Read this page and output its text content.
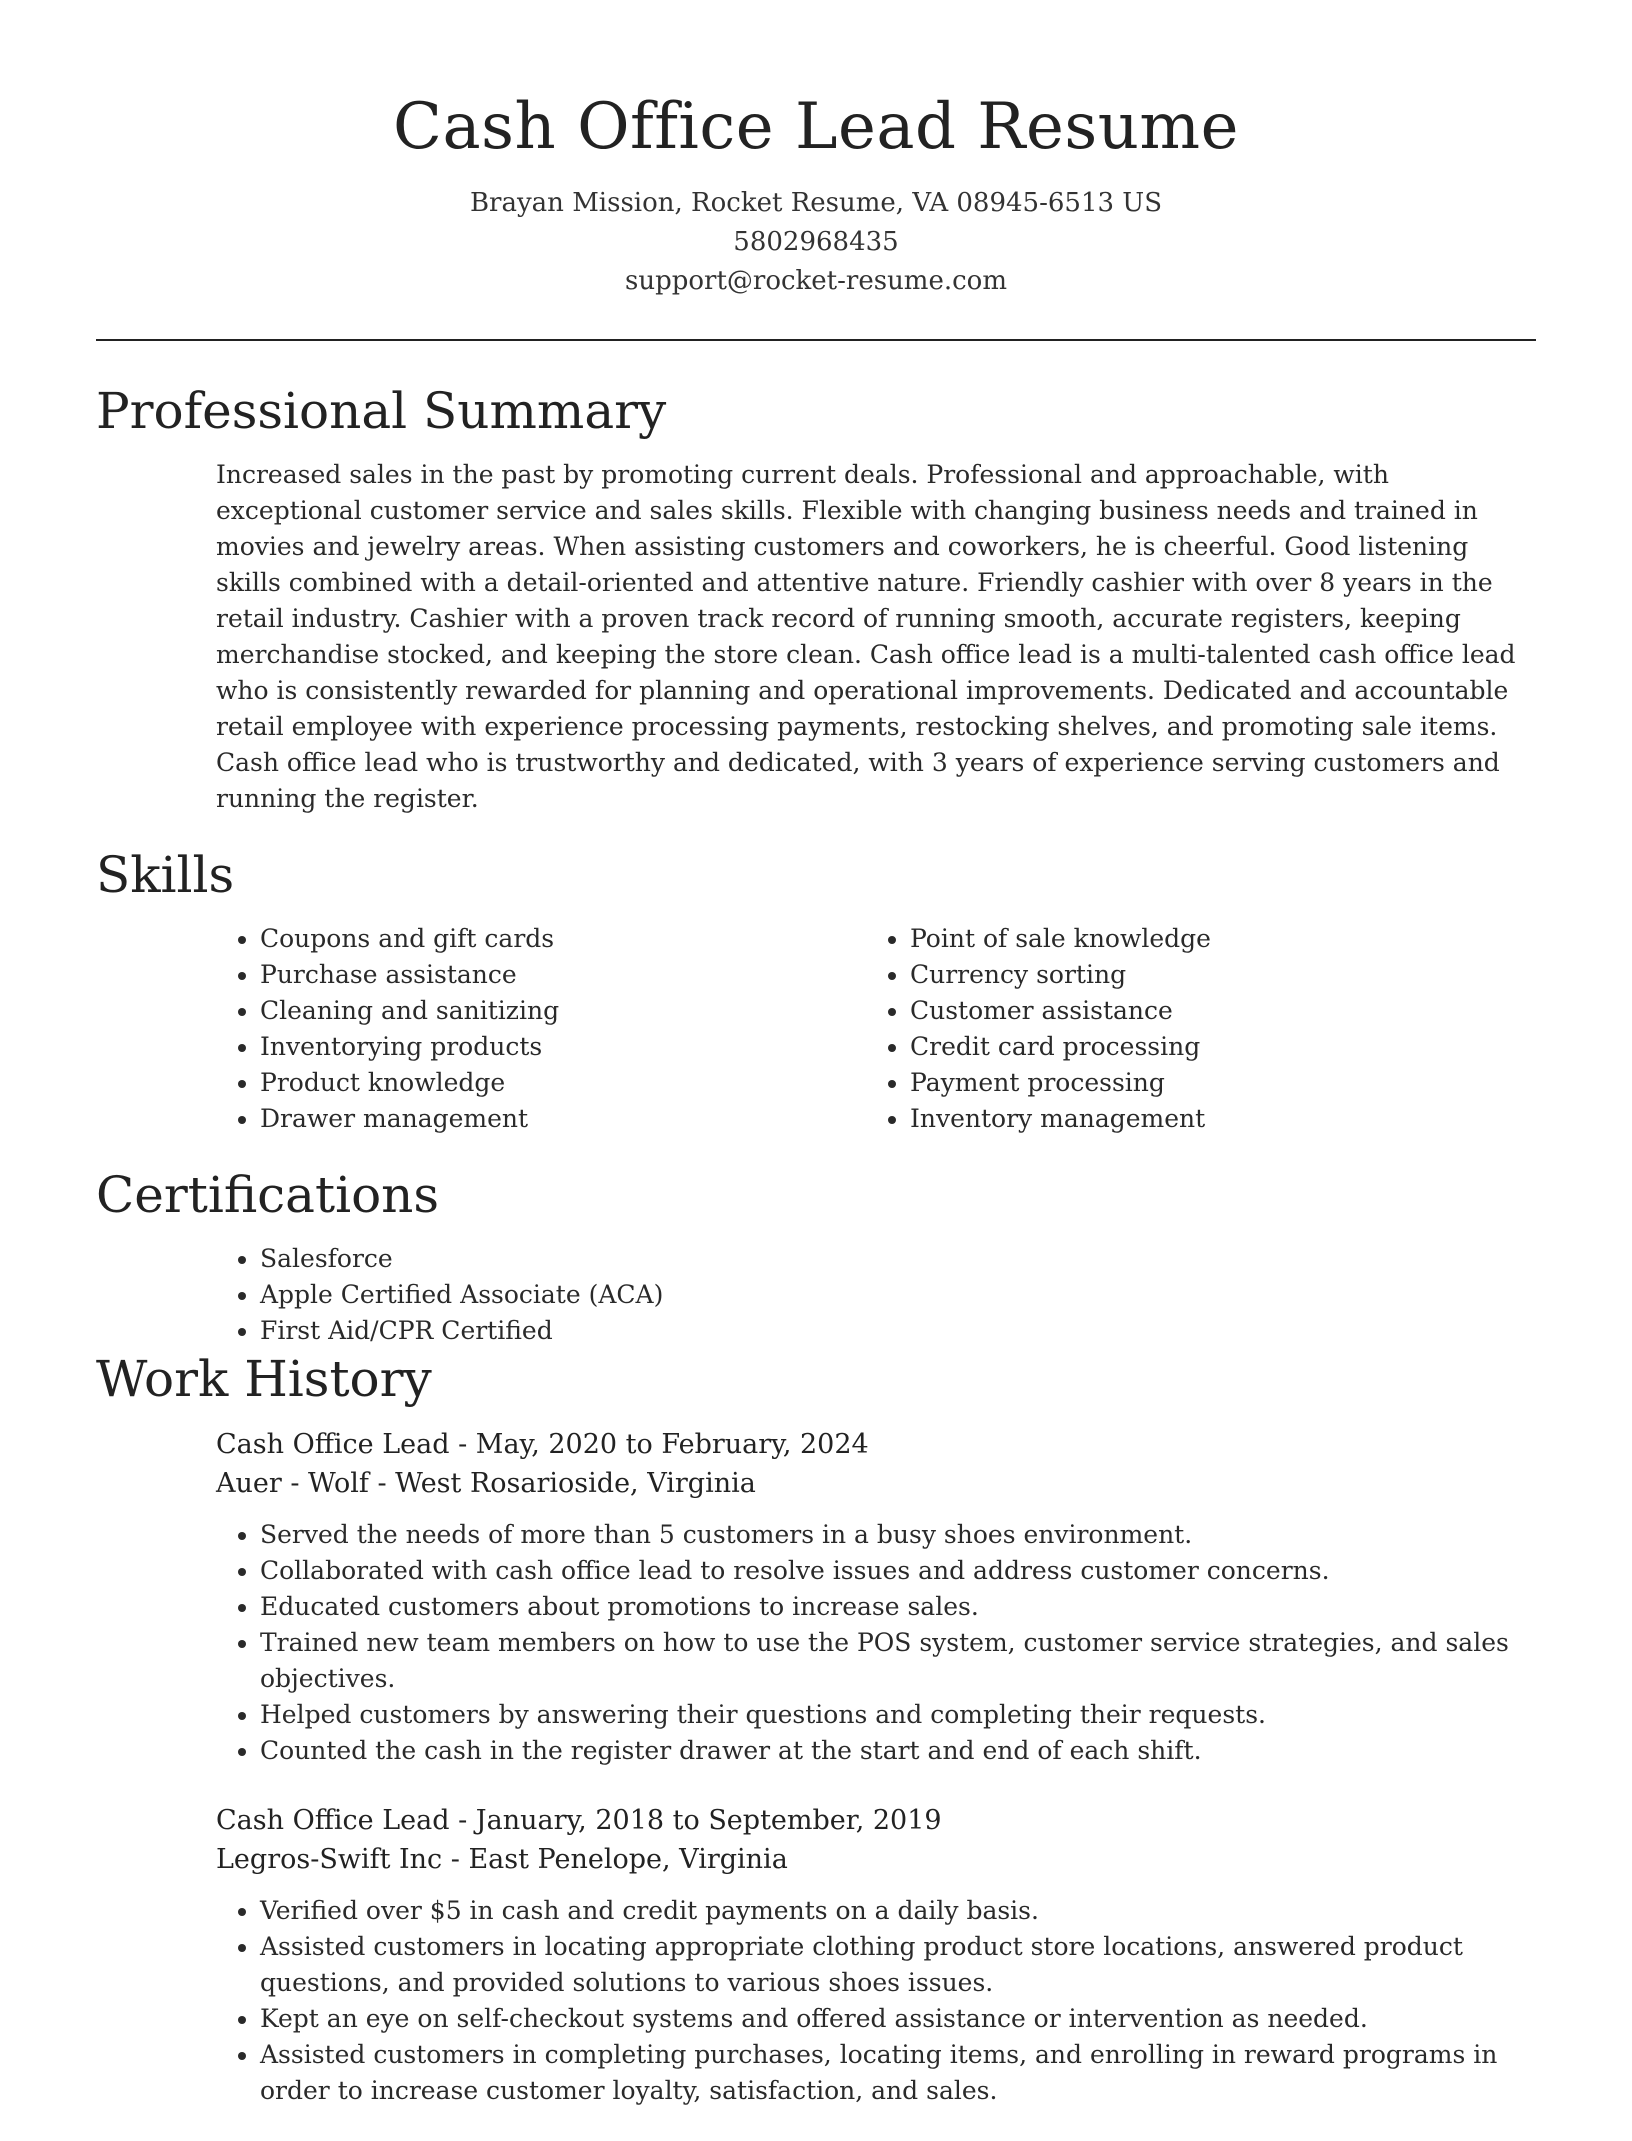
Cash Office Lead Resume
Brayan Mission, Rocket Resume, VA 08945-6513 US
5802968435
support@rocket-resume.com
Professional Summary
Increased sales in the past by promoting current deals. Professional and approachable, with exceptional customer service and sales skills. Flexible with changing business needs and trained in movies and jewelry areas. When assisting customers and coworkers, he is cheerful. Good listening skills combined with a detail-oriented and attentive nature. Friendly cashier with over 8 years in the retail industry. Cashier with a proven track record of running smooth, accurate registers, keeping merchandise stocked, and keeping the store clean. Cash office lead is a multi-talented cash office lead who is consistently rewarded for planning and operational improvements. Dedicated and accountable retail employee with experience processing payments, restocking shelves, and promoting sale items. Cash office lead who is trustworthy and dedicated, with 3 years of experience serving customers and running the register.
Skills
• Coupons and gift cards
• Purchase assistance
• Cleaning and sanitizing
• Inventorying products
• Product knowledge
• Drawer management
• Point of sale knowledge
• Currency sorting
• Customer assistance
• Credit card processing
• Payment processing
• Inventory management
Certifications
• Salesforce
• Apple Certified Associate (ACA)
• First Aid/CPR Certified
Work History
Cash Office Lead - May, 2020 to February, 2024
Auer - Wolf - West Rosarioside, Virginia
• Served the needs of more than 5 customers in a busy shoes environment.
• Collaborated with cash office lead to resolve issues and address customer concerns.
• Educated customers about promotions to increase sales.
• Trained new team members on how to use the POS system, customer service strategies, and sales objectives.
• Helped customers by answering their questions and completing their requests.
• Counted the cash in the register drawer at the start and end of each shift.
Cash Office Lead - January, 2018 to September, 2019
Legros-Swift Inc - East Penelope, Virginia
• Verified over $5 in cash and credit payments on a daily basis.
• Assisted customers in locating appropriate clothing product store locations, answered product questions, and provided solutions to various shoes issues.
• Kept an eye on self-checkout systems and offered assistance or intervention as needed.
• Assisted customers in completing purchases, locating items, and enrolling in reward programs in order to increase customer loyalty, satisfaction, and sales.
